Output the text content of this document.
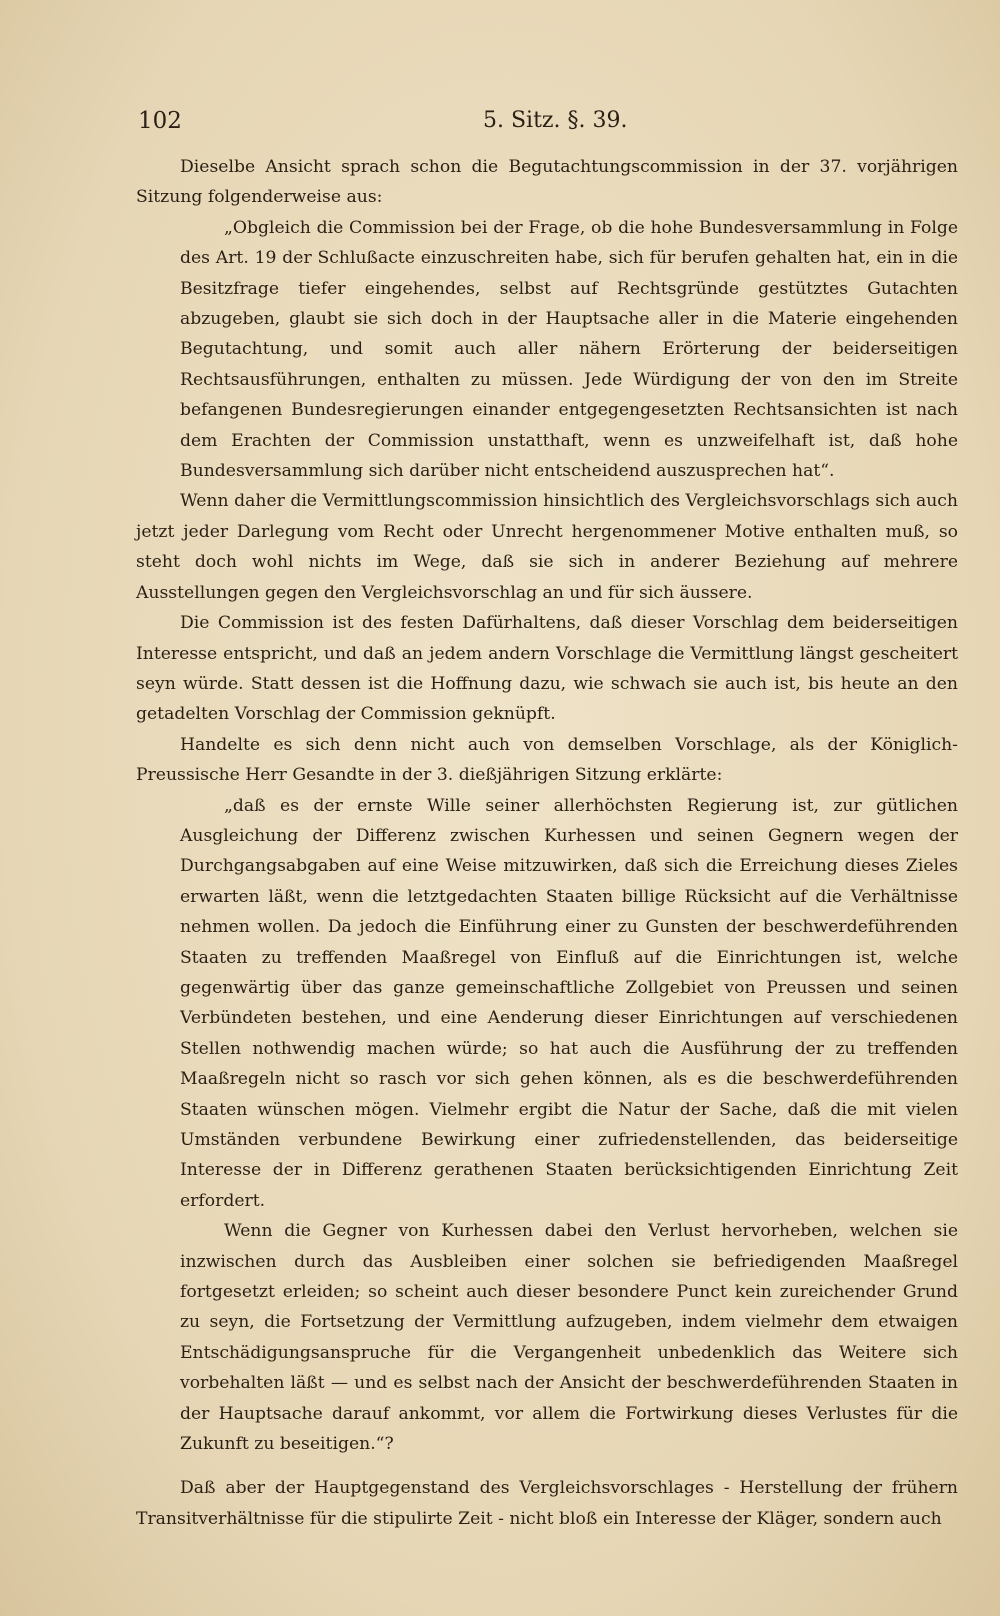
102	5. Sitz. §. 39.

Dieselbe Ansicht sprach schon die Begutachtungscommission in der 37. vorjährigen Sitzung folgenderweise aus:

„Obgleich die Commission bei der Frage, ob die hohe Bundesversammlung in Folge des Art. 19 der Schlußacte einzuschreiten habe, sich für berufen gehalten hat, ein in die Besitzfrage tiefer eingehendes, selbst auf Rechtsgründe gestütztes Gutachten abzugeben, glaubt sie sich doch in der Hauptsache aller in die Materie eingehenden Begutachtung, und somit auch aller nähern Erörterung der beiderseitigen Rechtsausführungen, enthalten zu müssen. Jede Würdigung der von den im Streite befangenen Bundesregierungen einander entgegengesetzten Rechtsansichten ist nach dem Erachten der Commission unstatthaft, wenn es unzweifelhaft ist, daß hohe Bundesversammlung sich darüber nicht entscheidend auszusprechen hat“.

Wenn daher die Vermittlungscommission hinsichtlich des Vergleichsvorschlags sich auch jetzt jeder Darlegung vom Recht oder Unrecht hergenommener Motive enthalten muß, so steht doch wohl nichts im Wege, daß sie sich in anderer Beziehung auf mehrere Ausstellungen gegen den Vergleichsvorschlag an und für sich äussere.

Die Commission ist des festen Dafürhaltens, daß dieser Vorschlag dem beiderseitigen Interesse entspricht, und daß an jedem andern Vorschlage die Vermittlung längst gescheitert seyn würde. Statt dessen ist die Hoffnung dazu, wie schwach sie auch ist, bis heute an den getadelten Vorschlag der Commission geknüpft.

Handelte es sich denn nicht auch von demselben Vorschlage, als der Königlich-Preussische Herr Gesandte in der 3. dießjährigen Sitzung erklärte:

„daß es der ernste Wille seiner allerhöchsten Regierung ist, zur gütlichen Ausgleichung der Differenz zwischen Kurhessen und seinen Gegnern wegen der Durchgangsabgaben auf eine Weise mitzuwirken, daß sich die Erreichung dieses Zieles erwarten läßt, wenn die letztgedachten Staaten billige Rücksicht auf die Verhältnisse nehmen wollen. Da jedoch die Einführung einer zu Gunsten der beschwerdeführenden Staaten zu treffenden Maaßregel von Einfluß auf die Einrichtungen ist, welche gegenwärtig über das ganze gemeinschaftliche Zollgebiet von Preussen und seinen Verbündeten bestehen, und eine Aenderung dieser Einrichtungen auf verschiedenen Stellen nothwendig machen würde; so hat auch die Ausführung der zu treffenden Maaßregeln nicht so rasch vor sich gehen können, als es die beschwerdeführenden Staaten wünschen mögen. Vielmehr ergibt die Natur der Sache, daß die mit vielen Umständen verbundene Bewirkung einer zufriedenstellenden, das beiderseitige Interesse der in Differenz gerathenen Staaten berücksichtigenden Einrichtung Zeit erfordert.

Wenn die Gegner von Kurhessen dabei den Verlust hervorheben, welchen sie inzwischen durch das Ausbleiben einer solchen sie befriedigenden Maaßregel fortgesetzt erleiden; so scheint auch dieser besondere Punct kein zureichender Grund zu seyn, die Fortsetzung der Vermittlung aufzugeben, indem vielmehr dem etwaigen Entschädigungsanspruche für die Vergangenheit unbedenklich das Weitere sich vorbehalten läßt — und es selbst nach der Ansicht der beschwerdeführenden Staaten in der Hauptsache darauf ankommt, vor allem die Fortwirkung dieses Verlustes für die Zukunft zu beseitigen.“?

Daß aber der Hauptgegenstand des Vergleichsvorschlages - Herstellung der frühern Transitverhältnisse für die stipulirte Zeit - nicht bloß ein Interesse der Kläger, sondern auch
